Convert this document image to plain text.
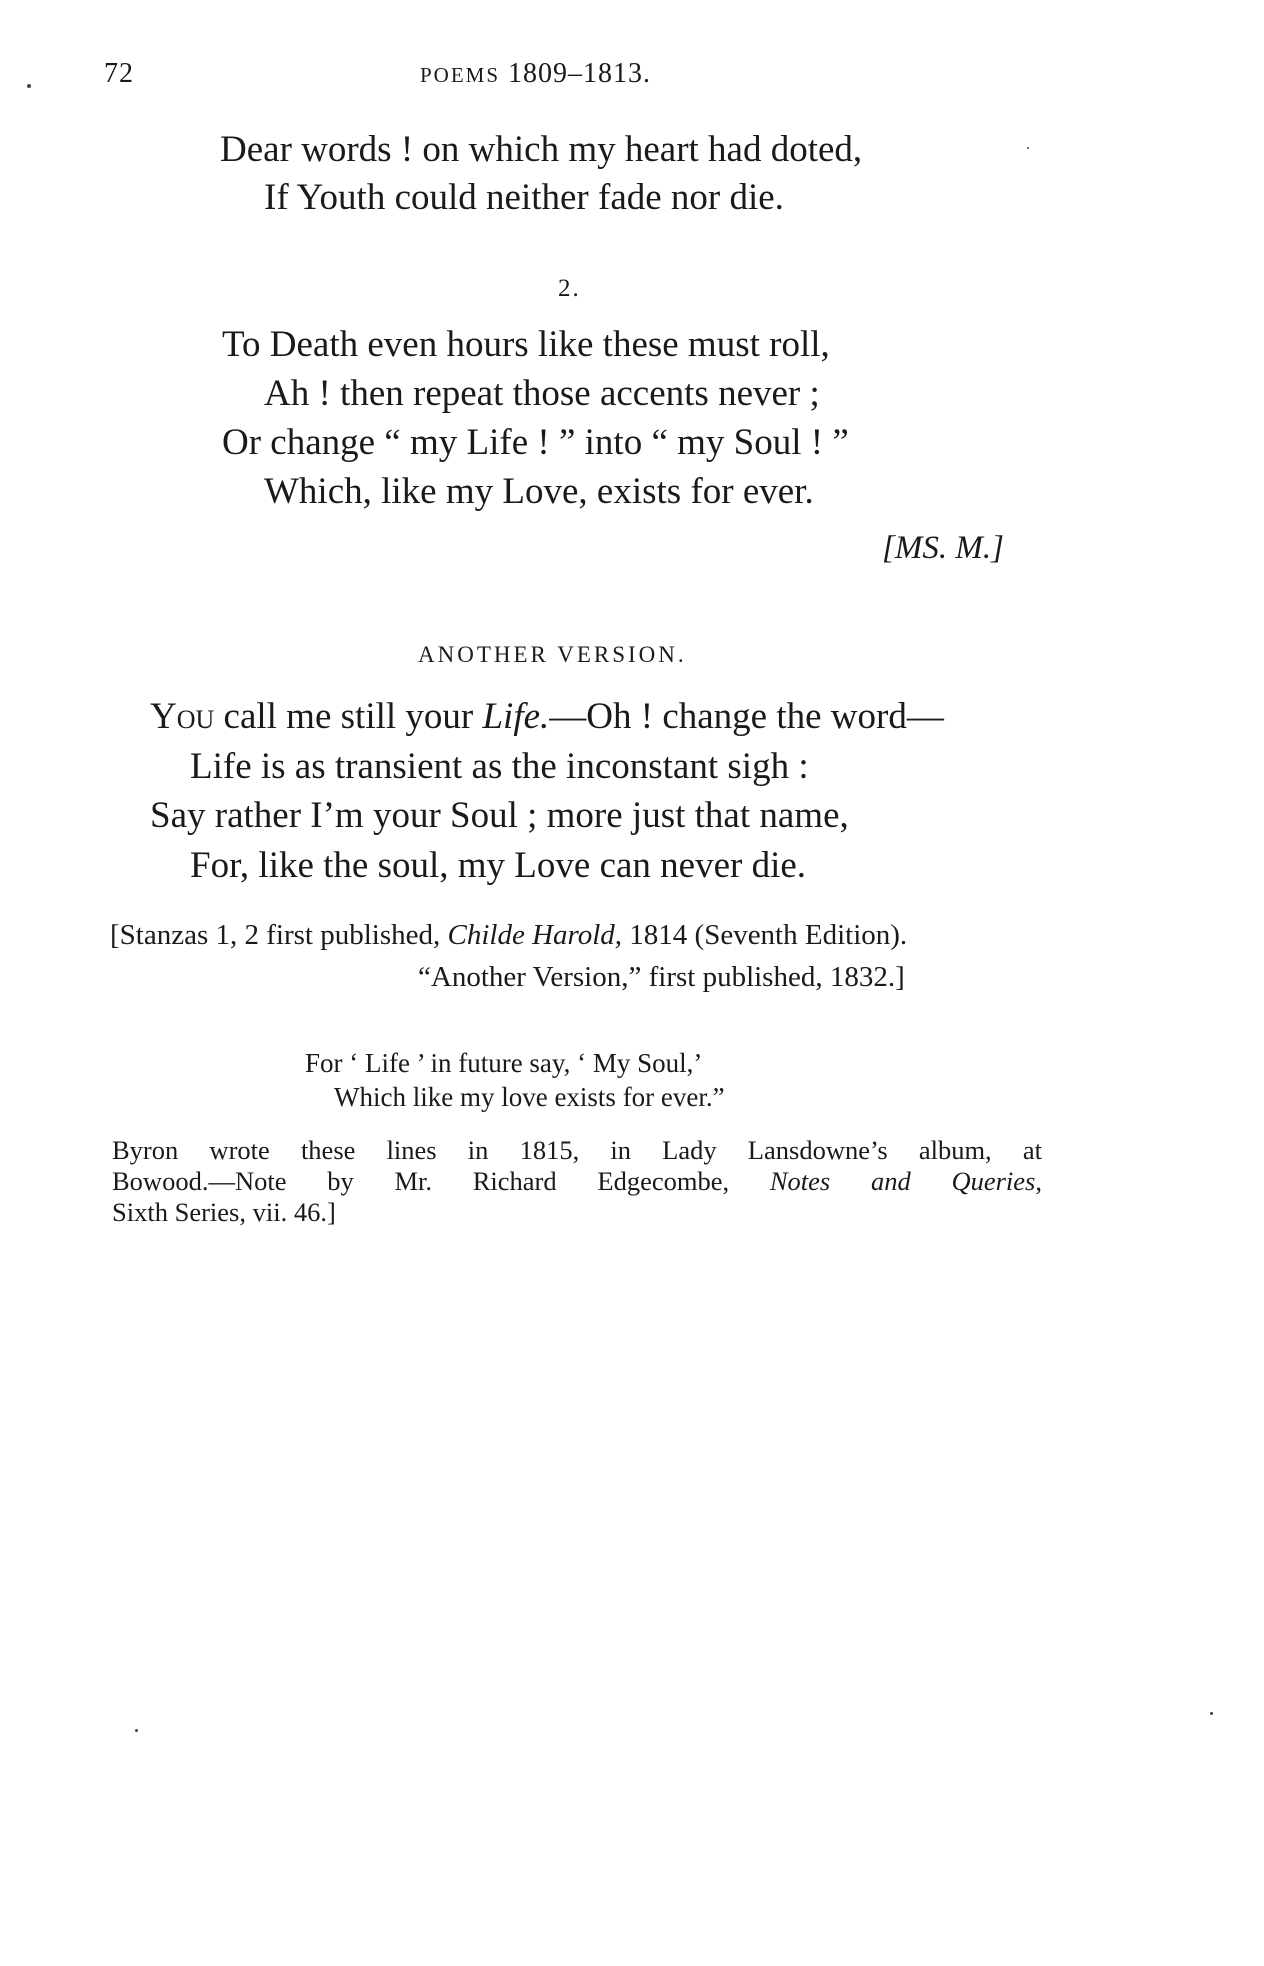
72	POEMS 1809–1813.
Dear words ! on which my heart had doted,
If Youth could neither fade nor die.
2.
To Death even hours like these must roll,
Ah ! then repeat those accents never ;
Or change “ my Life ! ” into “ my Soul ! ”
Which, like my Love, exists for ever.
[MS. M.]
ANOTHER VERSION.
You call me still your Life.—Oh ! change the word—
Life is as transient as the inconstant sigh :
Say rather I’m your Soul ; more just that name,
For, like the soul, my Love can never die.
[Stanzas 1, 2 first published, Childe Harold, 1814 (Seventh Edition).
“Another Version,” first published, 1832.]
For ‘ Life ’ in future say, ‘ My Soul,’
Which like my love exists for ever.”
Byron wrote these lines in 1815, in Lady Lansdowne’s album, at
Bowood.—Note by Mr. Richard Edgecombe, Notes and Queries,
Sixth Series, vii. 46.]
